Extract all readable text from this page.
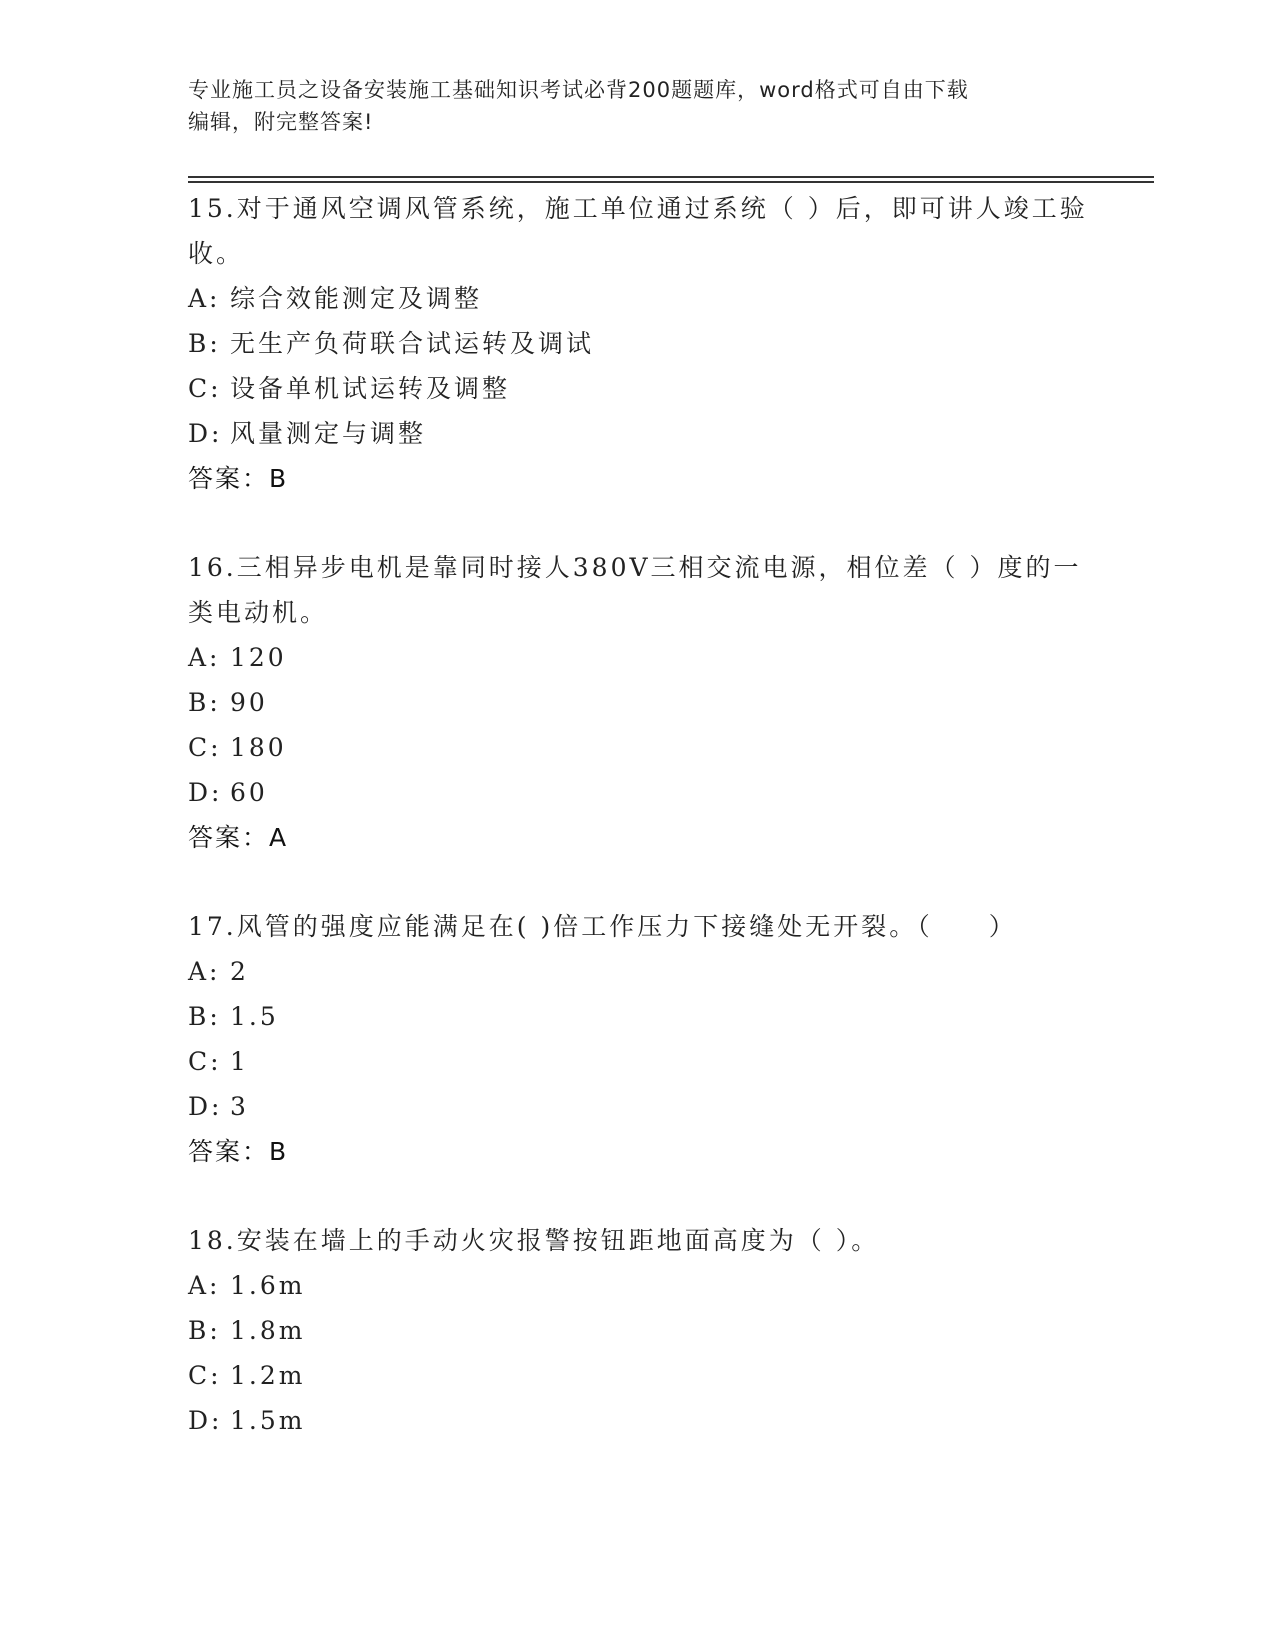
专业施工员之设备安装施工基础知识考试必背200题题库，word格式可自由下载
编辑，附完整答案!

15.对于通风空调风管系统，施工单位通过系统（ ）后，即可讲人竣工验收。

A: 综合效能测定及调整

B: 无生产负荷联合试运转及调试

C: 设备单机试运转及调整

D: 风量测定与调整

答案：B

16.三相异步电机是靠同时接人380V三相交流电源，相位差（ ）度的一类电动机。

A: 120

B: 90

C: 180

D: 60

答案：A

17.风管的强度应能满足在( )倍工作压力下接缝处无开裂。（　　）

A: 2

B: 1.5

C: 1

D: 3

答案：B

18.安装在墙上的手动火灾报警按钮距地面高度为（ ）。

A: 1.6m

B: 1.8m

C: 1.2m

D: 1.5m
